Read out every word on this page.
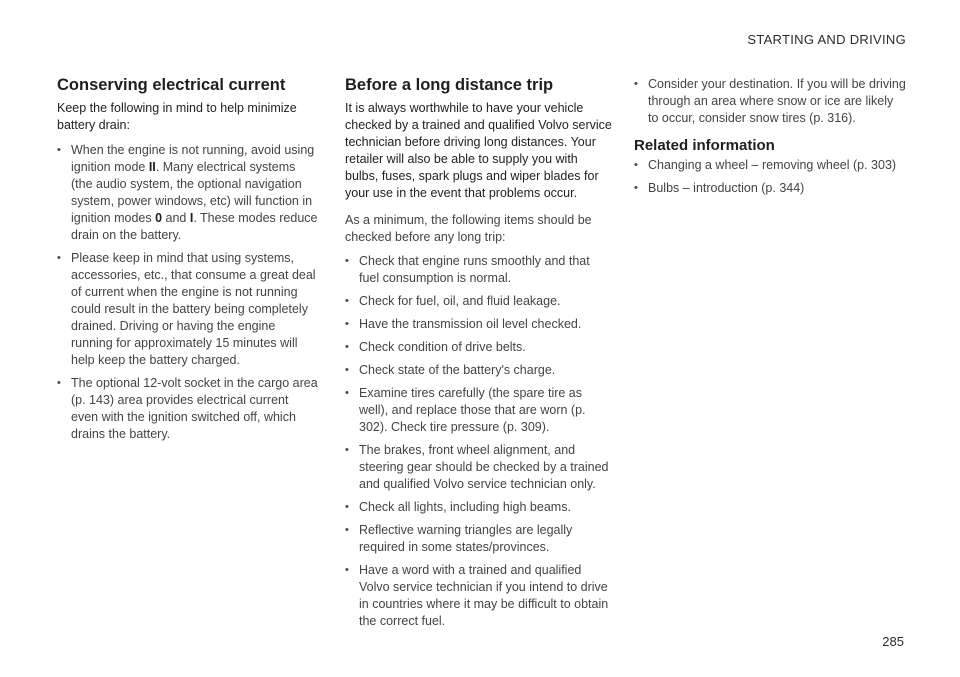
STARTING AND DRIVING
Conserving electrical current

Keep the following in mind to help minimize battery drain:

• When the engine is not running, avoid using ignition mode II. Many electrical systems (the audio system, the optional navigation system, power windows, etc) will function in ignition modes 0 and I. These modes reduce drain on the battery.
• Please keep in mind that using systems, accessories, etc., that consume a great deal of current when the engine is not running could result in the battery being completely drained. Driving or having the engine running for approximately 15 minutes will help keep the battery charged.
• The optional 12-volt socket in the cargo area (p. 143) area provides electrical current even with the ignition switched off, which drains the battery.
Before a long distance trip

It is always worthwhile to have your vehicle checked by a trained and qualified Volvo service technician before driving long distances. Your retailer will also be able to supply you with bulbs, fuses, spark plugs and wiper blades for your use in the event that problems occur.

As a minimum, the following items should be checked before any long trip:

• Check that engine runs smoothly and that fuel consumption is normal.
• Check for fuel, oil, and fluid leakage.
• Have the transmission oil level checked.
• Check condition of drive belts.
• Check state of the battery's charge.
• Examine tires carefully (the spare tire as well), and replace those that are worn (p. 302). Check tire pressure (p. 309).
• The brakes, front wheel alignment, and steering gear should be checked by a trained and qualified Volvo service technician only.
• Check all lights, including high beams.
• Reflective warning triangles are legally required in some states/provinces.
• Have a word with a trained and qualified Volvo service technician if you intend to drive in countries where it may be difficult to obtain the correct fuel.
• Consider your destination. If you will be driving through an area where snow or ice are likely to occur, consider snow tires (p. 316).
Related information
• Changing a wheel – removing wheel (p. 303)
• Bulbs – introduction (p. 344)
285
